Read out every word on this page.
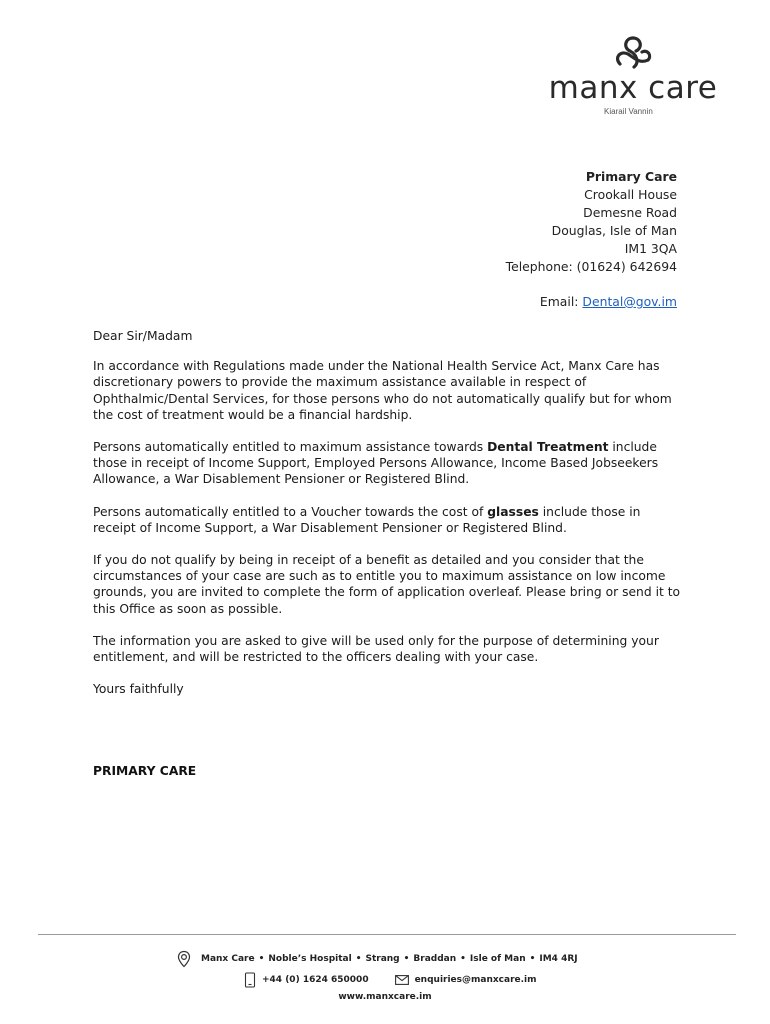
manx care
Kiarail Vannin
Primary Care
Crookall House
Demesne Road
Douglas, Isle of Man
IM1 3QA
Telephone: (01624) 642694
Email: Dental@gov.im

Dear Sir/Madam

In accordance with Regulations made under the National Health Service Act, Manx Care has discretionary powers to provide the maximum assistance available in respect of Ophthalmic/Dental Services, for those persons who do not automatically qualify but for whom the cost of treatment would be a financial hardship.

Persons automatically entitled to maximum assistance towards Dental Treatment include those in receipt of Income Support, Employed Persons Allowance, Income Based Jobseekers Allowance, a War Disablement Pensioner or Registered Blind.

Persons automatically entitled to a Voucher towards the cost of glasses include those in receipt of Income Support, a War Disablement Pensioner or Registered Blind.

If you do not qualify by being in receipt of a benefit as detailed and you consider that the circumstances of your case are such as to entitle you to maximum assistance on low income grounds, you are invited to complete the form of application overleaf. Please bring or send it to this Office as soon as possible.

The information you are asked to give will be used only for the purpose of determining your entitlement, and will be restricted to the officers dealing with your case.

Yours faithfully

PRIMARY CARE
Manx Care • Noble’s Hospital • Strang • Braddan • Isle of Man • IM4 4RJ
+44 (0) 1624 650000	enquiries@manxcare.im
www.manxcare.im
